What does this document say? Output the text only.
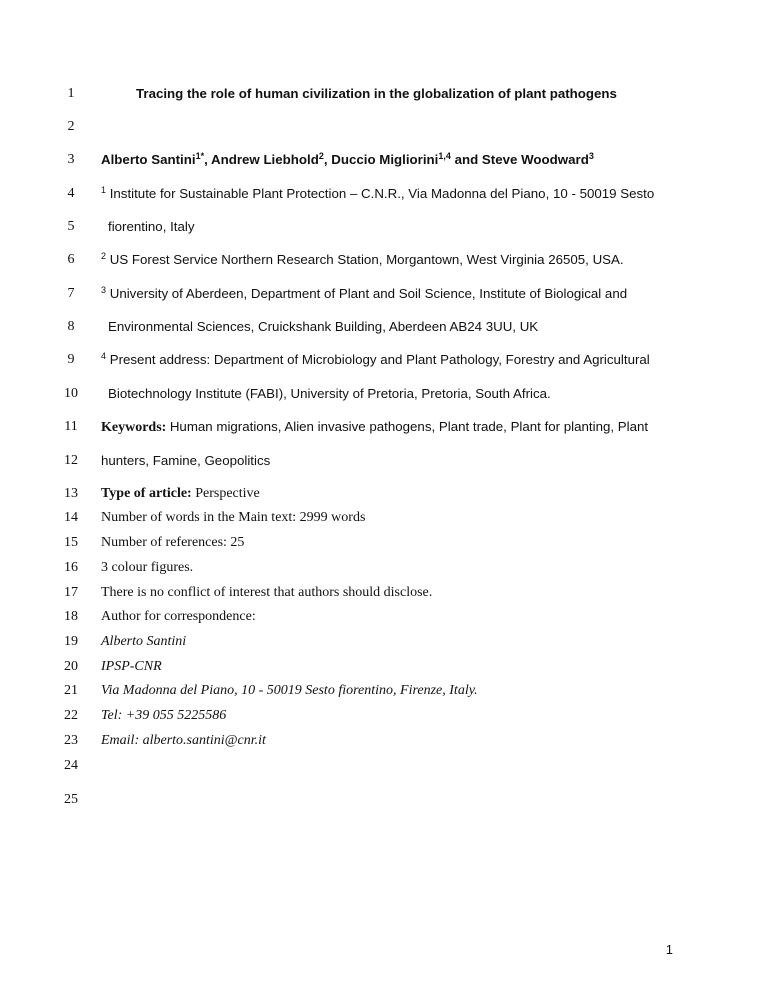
1
2
3
4
5
6
7
8
9
10
11
12
13
14
15
16
17
18
19
20
21
22
23
24
25
Tracing the role of human civilization in the globalization of plant pathogens
Alberto Santini$^{1*}$, Andrew Liebhold$^2$, Duccio Migliorini$^{1,4}$ and Steve Woodward$^3$
$^1$ Institute for Sustainable Plant Protection – C.N.R., Via Madonna del Piano, 10 - 50019 Sesto
fiorentino, Italy
$^2$ US Forest Service Northern Research Station, Morgantown, West Virginia 26505, USA.
$^3$ University of Aberdeen, Department of Plant and Soil Science, Institute of Biological and
Environmental Sciences, Cruickshank Building, Aberdeen AB24 3UU, UK
$^4$ Present address: Department of Microbiology and Plant Pathology, Forestry and Agricultural
Biotechnology Institute (FABI), University of Pretoria, Pretoria, South Africa.
Keywords: Human migrations, Alien invasive pathogens, Plant trade, Plant for planting, Plant
hunters, Famine, Geopolitics
Type of article: Perspective
Number of words in the Main text: 2999 words
Number of references: 25
3 colour figures.
There is no conflict of interest that authors should disclose.
Author for correspondence:
Alberto Santini
IPSP-CNR
Via Madonna del Piano, 10 - 50019 Sesto fiorentino, Firenze, Italy.
Tel: +39 055 5225586
Email: alberto.santini@cnr.it
1
